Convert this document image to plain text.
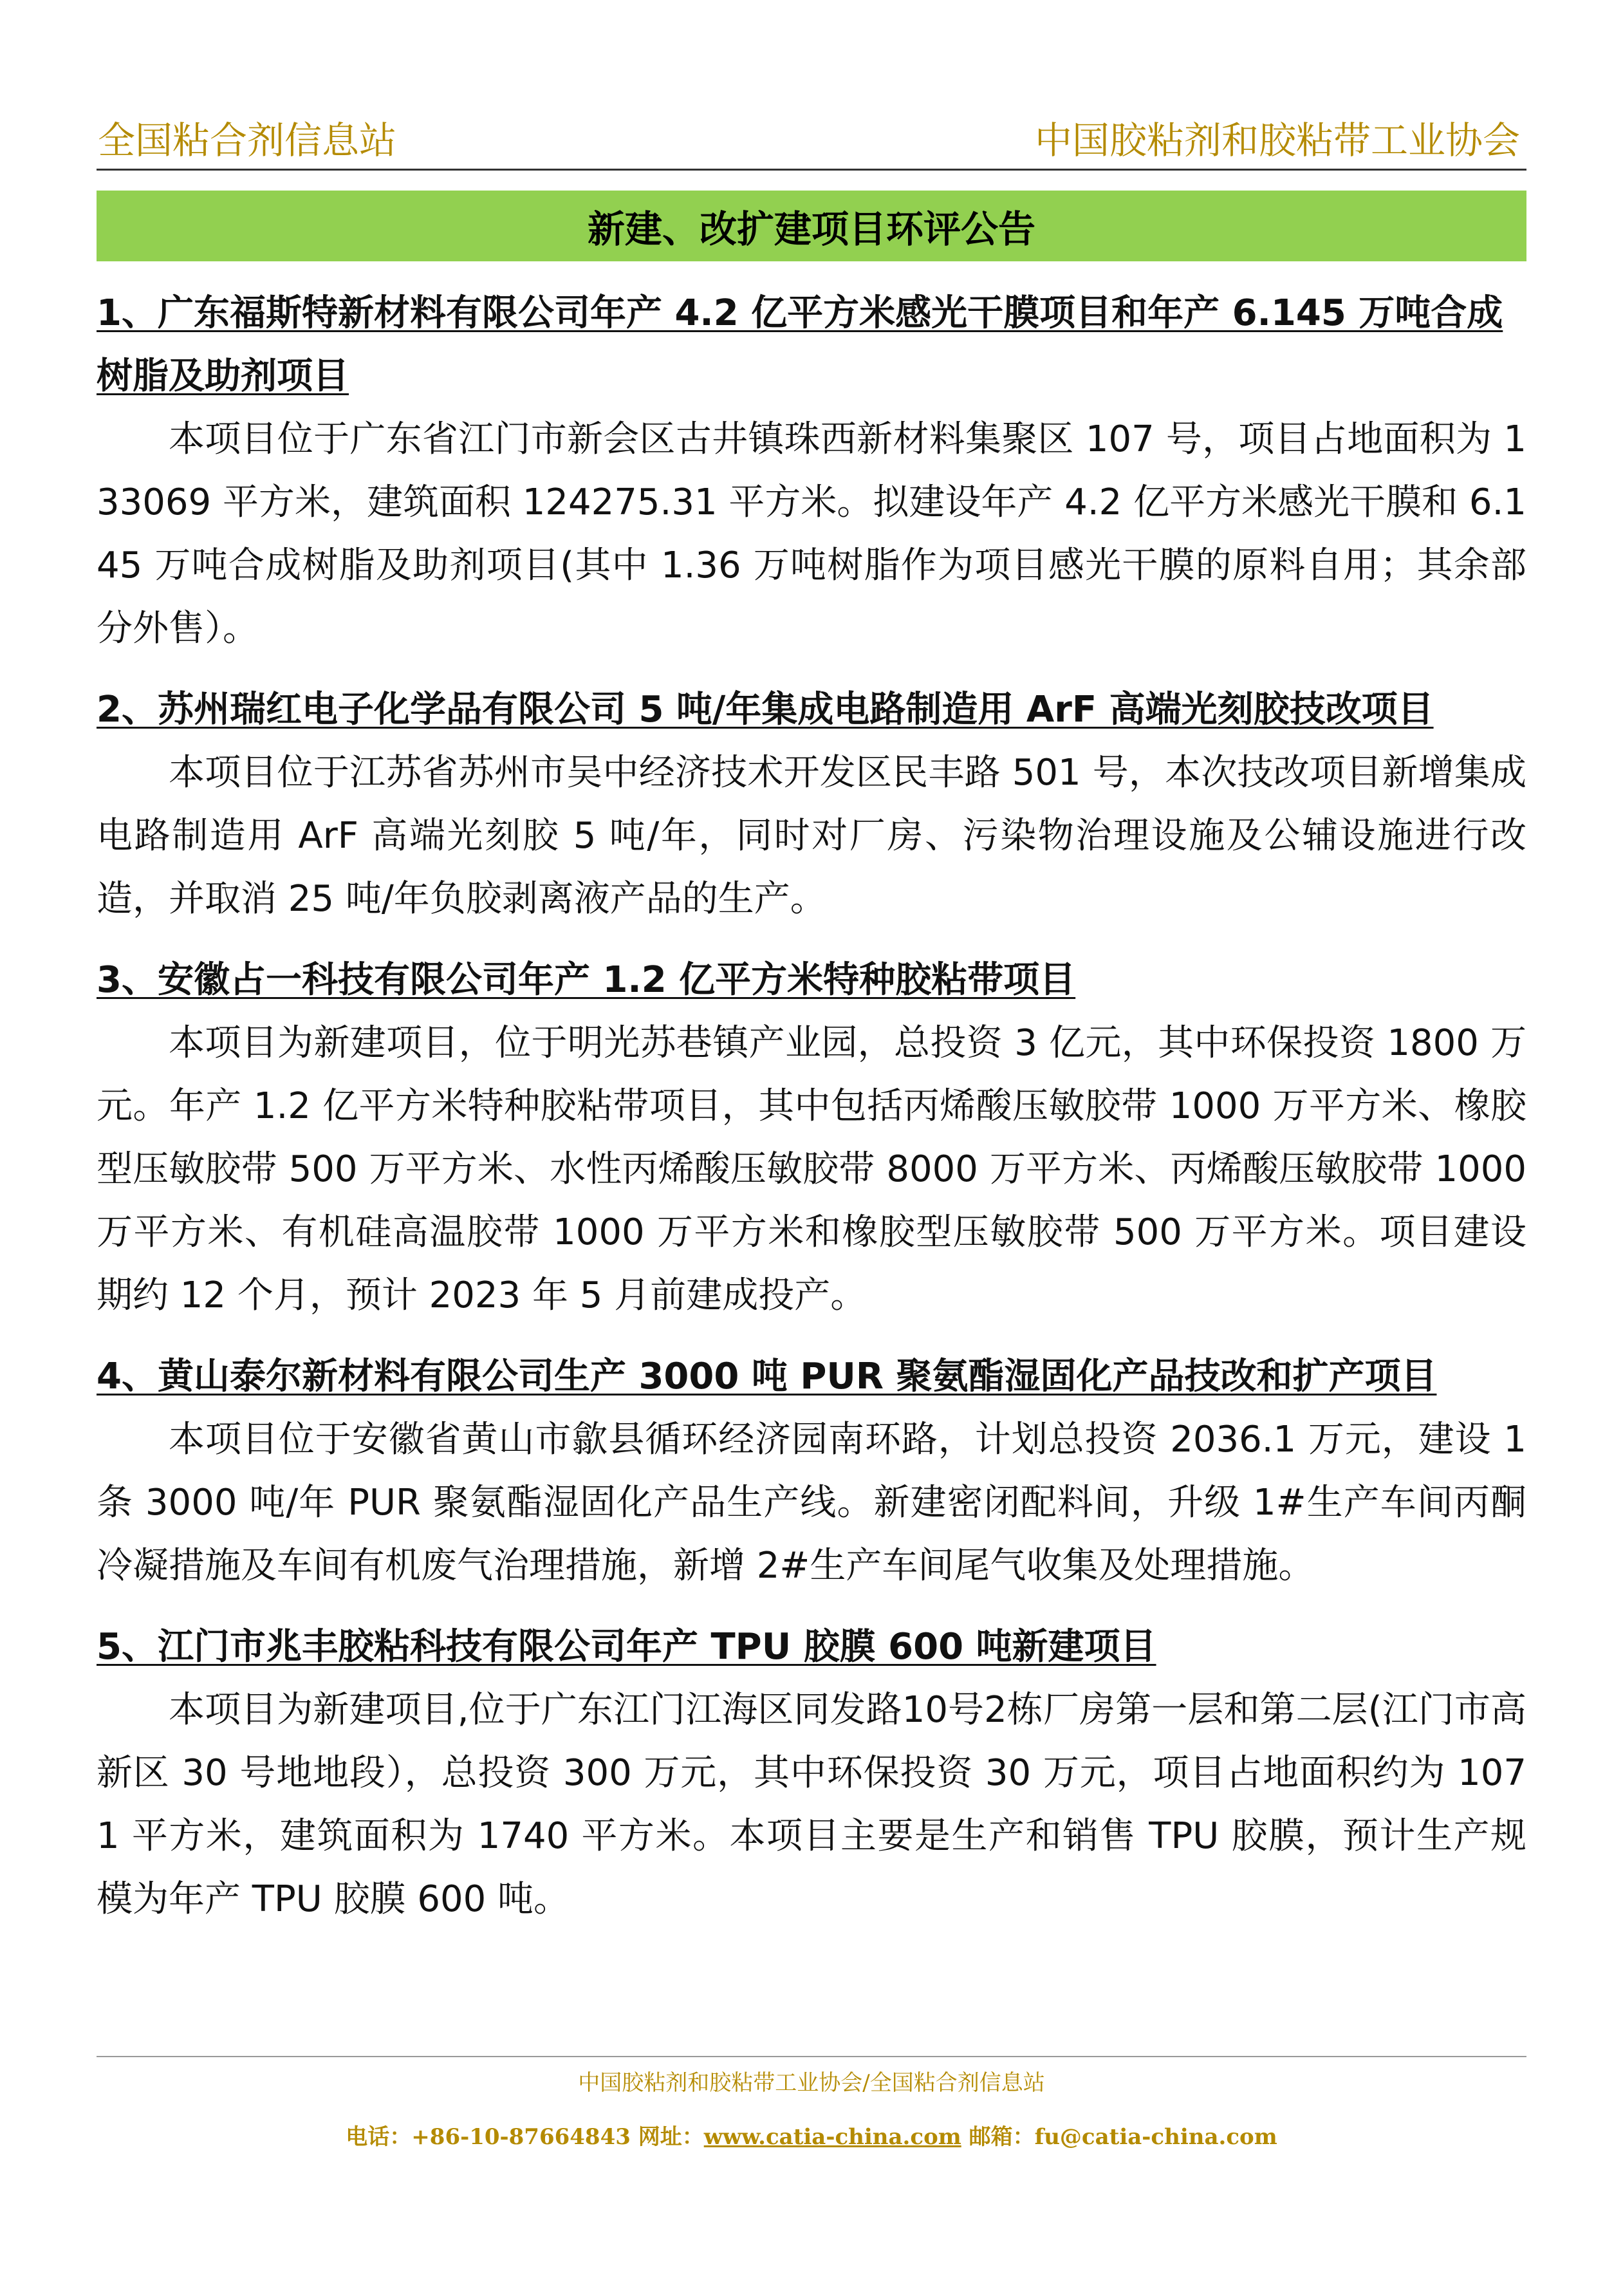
全国粘合剂信息站	中国胶粘剂和胶粘带工业协会
新建、改扩建项目环评公告
1、广东福斯特新材料有限公司年产 4.2 亿平方米感光干膜项目和年产 6.145 万吨合成树脂及助剂项目
本项目位于广东省江门市新会区古井镇珠西新材料集聚区 107 号，项目占地面积为 133069 平方米，建筑面积 124275.31 平方米。拟建设年产 4.2 亿平方米感光干膜和 6.145 万吨合成树脂及助剂项目(其中 1.36 万吨树脂作为项目感光干膜的原料自用；其余部分外售）。
2、苏州瑞红电子化学品有限公司 5 吨/年集成电路制造用 ArF 高端光刻胶技改项目
本项目位于江苏省苏州市吴中经济技术开发区民丰路 501 号，本次技改项目新增集成电路制造用 ArF 高端光刻胶 5 吨/年，同时对厂房、污染物治理设施及公辅设施进行改造，并取消 25 吨/年负胶剥离液产品的生产。
3、安徽占一科技有限公司年产 1.2 亿平方米特种胶粘带项目
本项目为新建项目，位于明光苏巷镇产业园，总投资 3 亿元，其中环保投资 1800 万元。年产 1.2 亿平方米特种胶粘带项目，其中包括丙烯酸压敏胶带 1000 万平方米、橡胶型压敏胶带 500 万平方米、水性丙烯酸压敏胶带 8000 万平方米、丙烯酸压敏胶带 1000 万平方米、有机硅高温胶带 1000 万平方米和橡胶型压敏胶带 500 万平方米。项目建设期约 12 个月，预计 2023 年 5 月前建成投产。
4、黄山泰尔新材料有限公司生产 3000 吨 PUR 聚氨酯湿固化产品技改和扩产项目
本项目位于安徽省黄山市歙县循环经济园南环路，计划总投资 2036.1 万元，建设 1 条 3000 吨/年 PUR 聚氨酯湿固化产品生产线。新建密闭配料间，升级 1#生产车间丙酮冷凝措施及车间有机废气治理措施，新增 2#生产车间尾气收集及处理措施。
5、江门市兆丰胶粘科技有限公司年产 TPU 胶膜 600 吨新建项目
本项目为新建项目,位于广东江门江海区同发路10号2栋厂房第一层和第二层(江门市高新区 30 号地地段），总投资 300 万元，其中环保投资 30 万元，项目占地面积约为 1071 平方米，建筑面积为 1740 平方米。本项目主要是生产和销售 TPU 胶膜，预计生产规模为年产 TPU 胶膜 600 吨。
中国胶粘剂和胶粘带工业协会/全国粘合剂信息站
电话：+86-10-87664843 网址：www.catia-china.com 邮箱：fu@catia-china.com
